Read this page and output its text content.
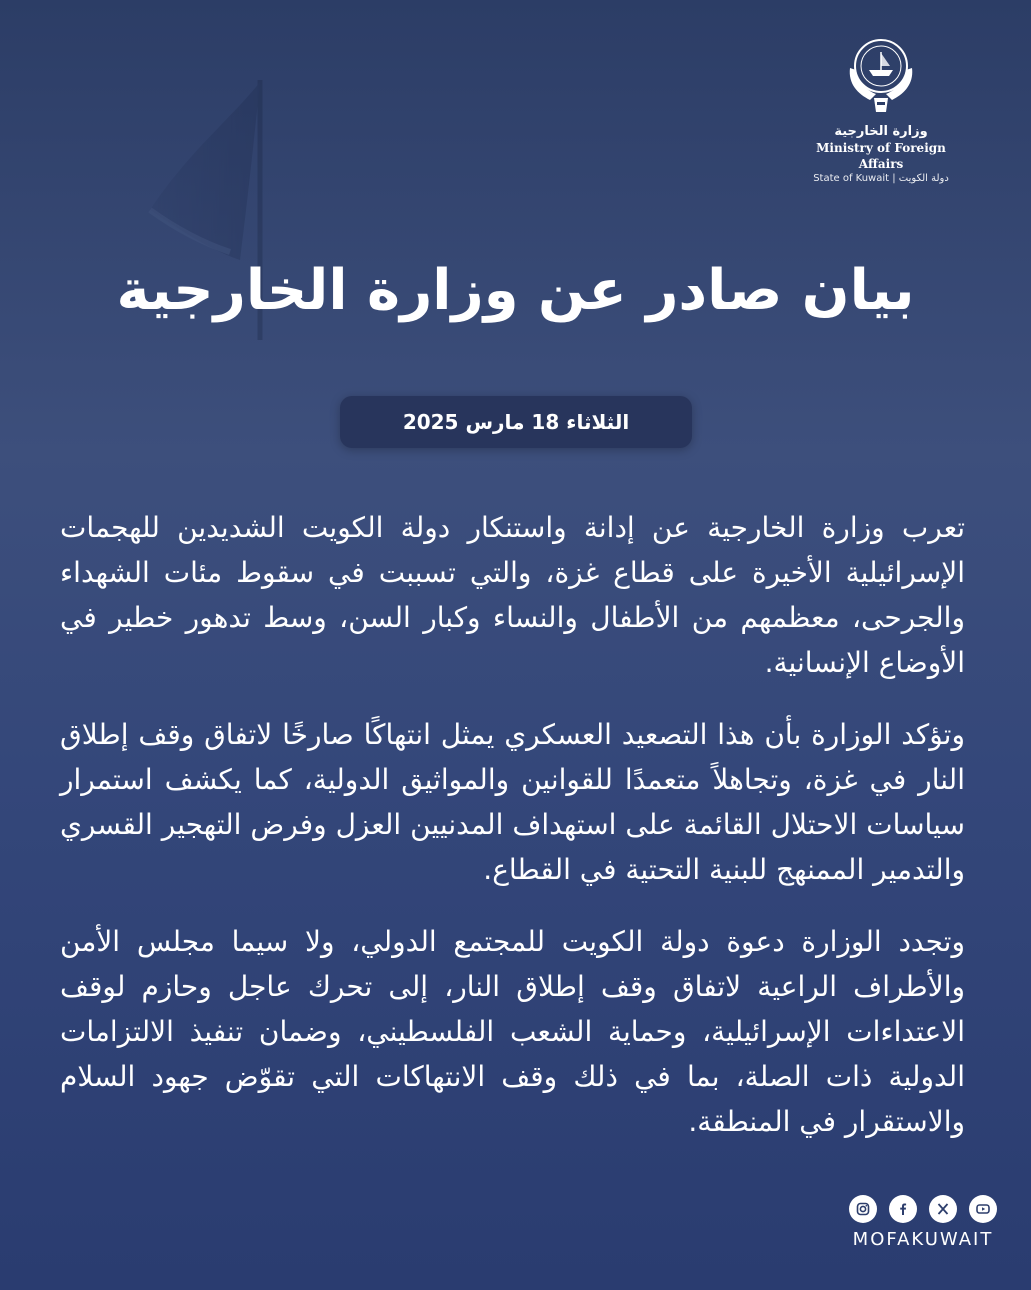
وزارة الخارجية
Ministry of Foreign Affairs
State of Kuwait | دولة الكويت
بيان صادر عن وزارة الخارجية
الثلاثاء 18 مارس 2025

تعرب وزارة الخارجية عن إدانة واستنكار دولة الكويت الشديدين للهجمات الإسرائيلية الأخيرة على قطاع غزة، والتي تسببت في سقوط مئات الشهداء والجرحى، معظمهم من الأطفال والنساء وكبار السن، وسط تدهور خطير في الأوضاع الإنسانية.

وتؤكد الوزارة بأن هذا التصعيد العسكري يمثل انتهاكًا صارخًا لاتفاق وقف إطلاق النار في غزة، وتجاهلاً متعمدًا للقوانين والمواثيق الدولية، كما يكشف استمرار سياسات الاحتلال القائمة على استهداف المدنيين العزل وفرض التهجير القسري والتدمير الممنهج للبنية التحتية في القطاع.

وتجدد الوزارة دعوة دولة الكويت للمجتمع الدولي، ولا سيما مجلس الأمن والأطراف الراعية لاتفاق وقف إطلاق النار، إلى تحرك عاجل وحازم لوقف الاعتداءات الإسرائيلية، وحماية الشعب الفلسطيني، وضمان تنفيذ الالتزامات الدولية ذات الصلة، بما في ذلك وقف الانتهاكات التي تقوّض جهود السلام والاستقرار في المنطقة.

MOFAKUWAIT
